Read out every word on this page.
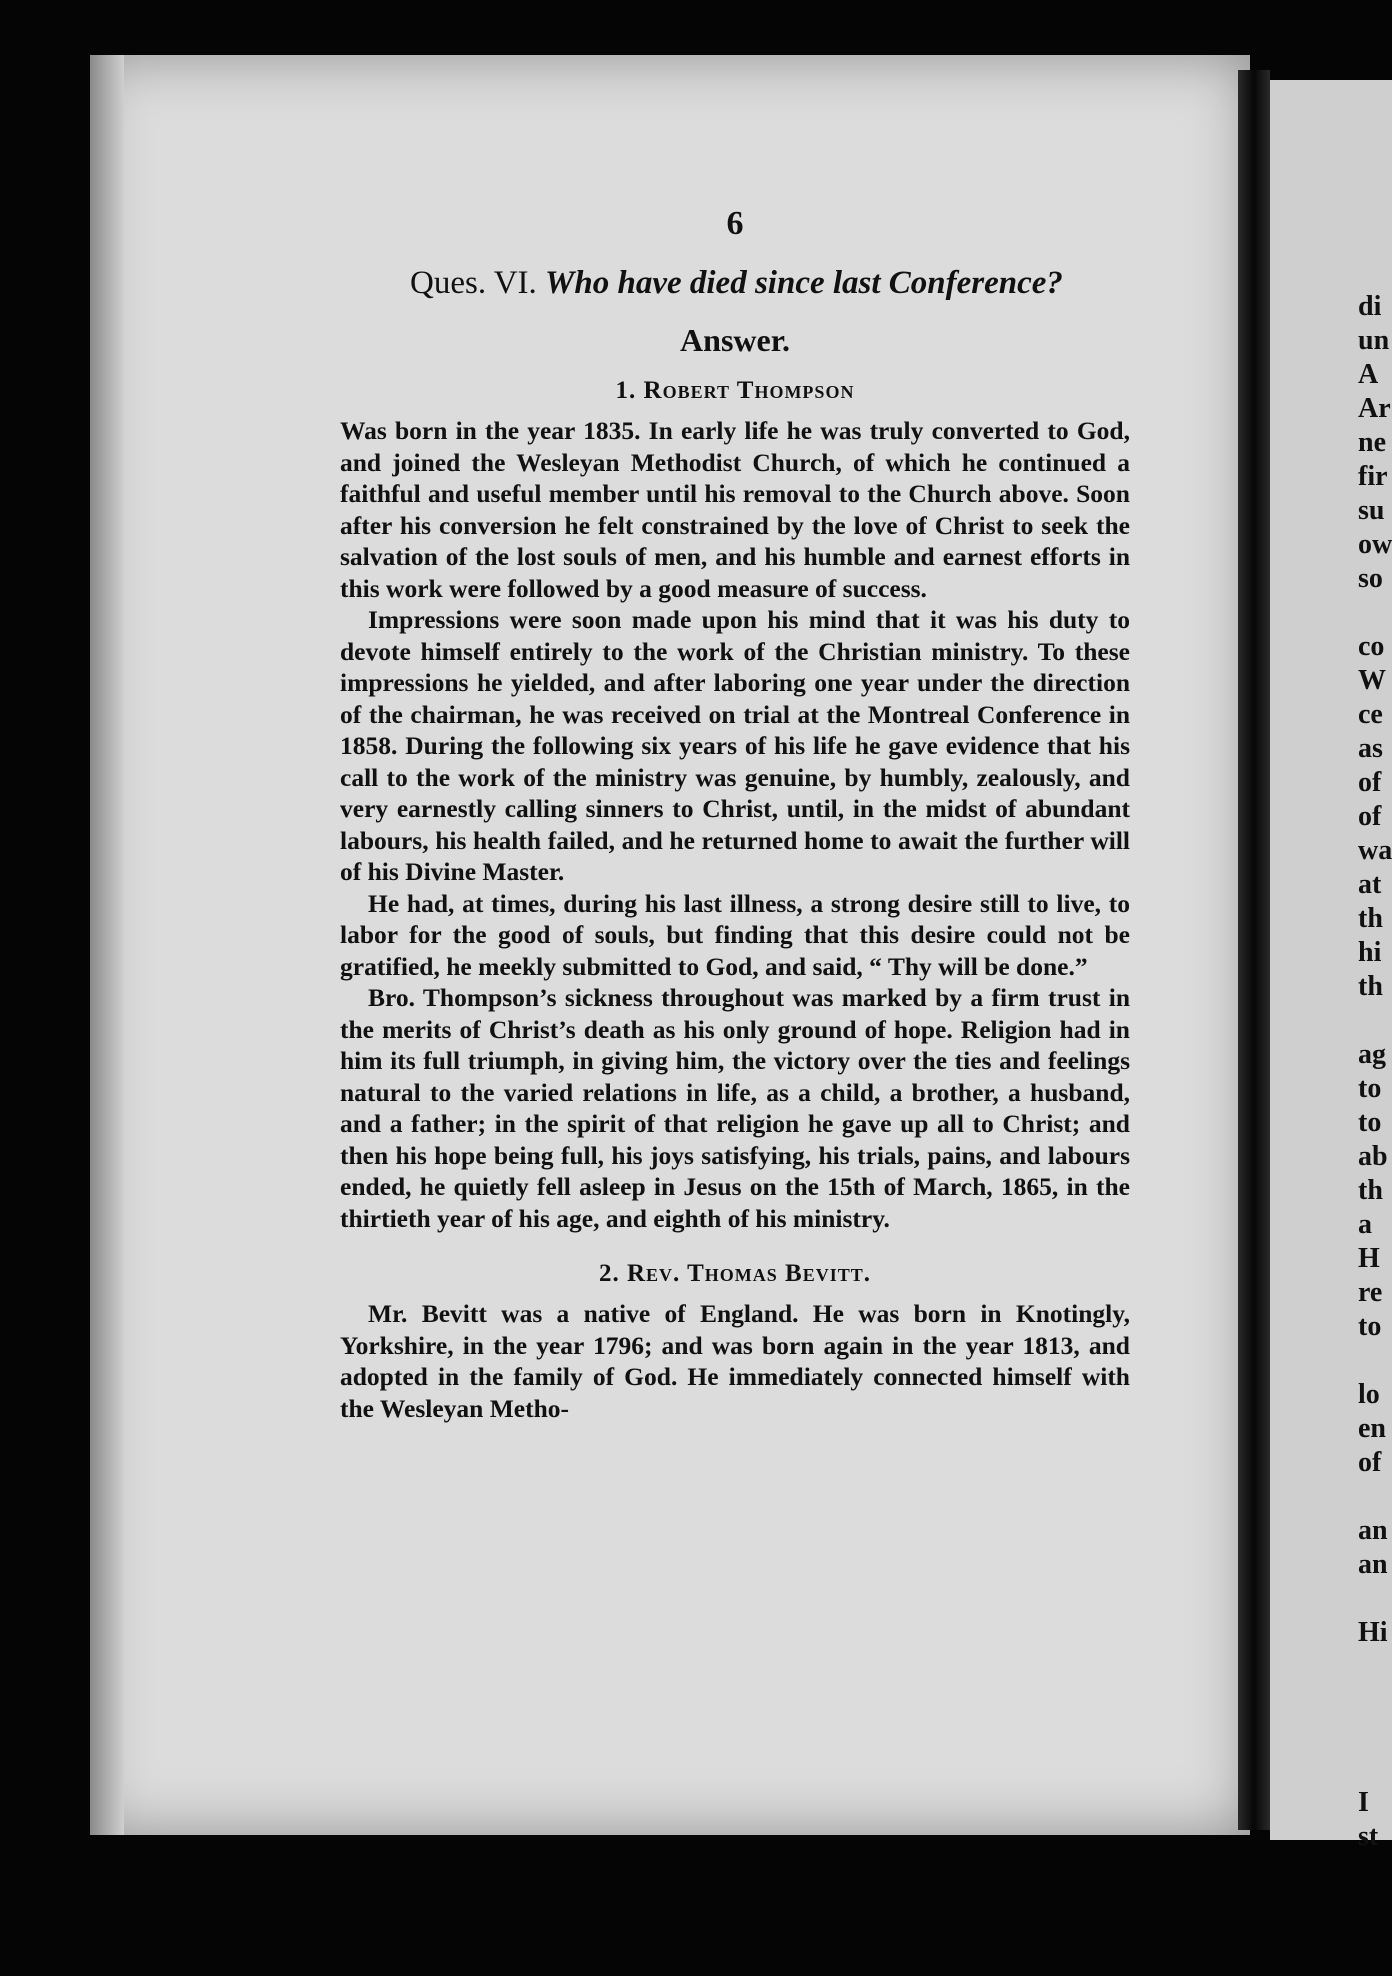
di
un
A
Ar
ne
fir
su
ow
so
co
W
ce
as
of
of
wa
at
th
hi
th
ag
to
to
ab
th
a
H
re
to
lo
en
of
an
an
Hi
I
st
6
Ques. VI. Who have died since last Conference?
Answer.
1. Robert Thompson

Was born in the year 1835. In early life he was truly converted to God, and joined the Wesleyan Methodist Church, of which he continued a faithful and useful member until his removal to the Church above. Soon after his conversion he felt constrained by the love of Christ to seek the salvation of the lost souls of men, and his humble and earnest efforts in this work were followed by a good measure of success.

Impressions were soon made upon his mind that it was his duty to devote himself entirely to the work of the Christian ministry. To these impressions he yielded, and after laboring one year under the direction of the chairman, he was received on trial at the Montreal Conference in 1858. During the following six years of his life he gave evidence that his call to the work of the ministry was genuine, by humbly, zealously, and very earnestly calling sinners to Christ, until, in the midst of abundant labours, his health failed, and he returned home to await the further will of his Divine Master.

He had, at times, during his last illness, a strong desire still to live, to labor for the good of souls, but finding that this desire could not be gratified, he meekly submitted to God, and said, “ Thy will be done.”

Bro. Thompson’s sickness throughout was marked by a firm trust in the merits of Christ’s death as his only ground of hope. Religion had in him its full triumph, in giving him, the victory over the ties and feelings natural to the varied relations in life, as a child, a brother, a husband, and a father; in the spirit of that religion he gave up all to Christ; and then his hope being full, his joys satisfying, his trials, pains, and labours ended, he quietly fell asleep in Jesus on the 15th of March, 1865, in the thirtieth year of his age, and eighth of his ministry.

2. Rev. Thomas Bevitt.

Mr. Bevitt was a native of England. He was born in Knotingly, Yorkshire, in the year 1796; and was born again in the year 1813, and adopted in the family of God. He immediately connected himself with the Wesleyan Metho-
